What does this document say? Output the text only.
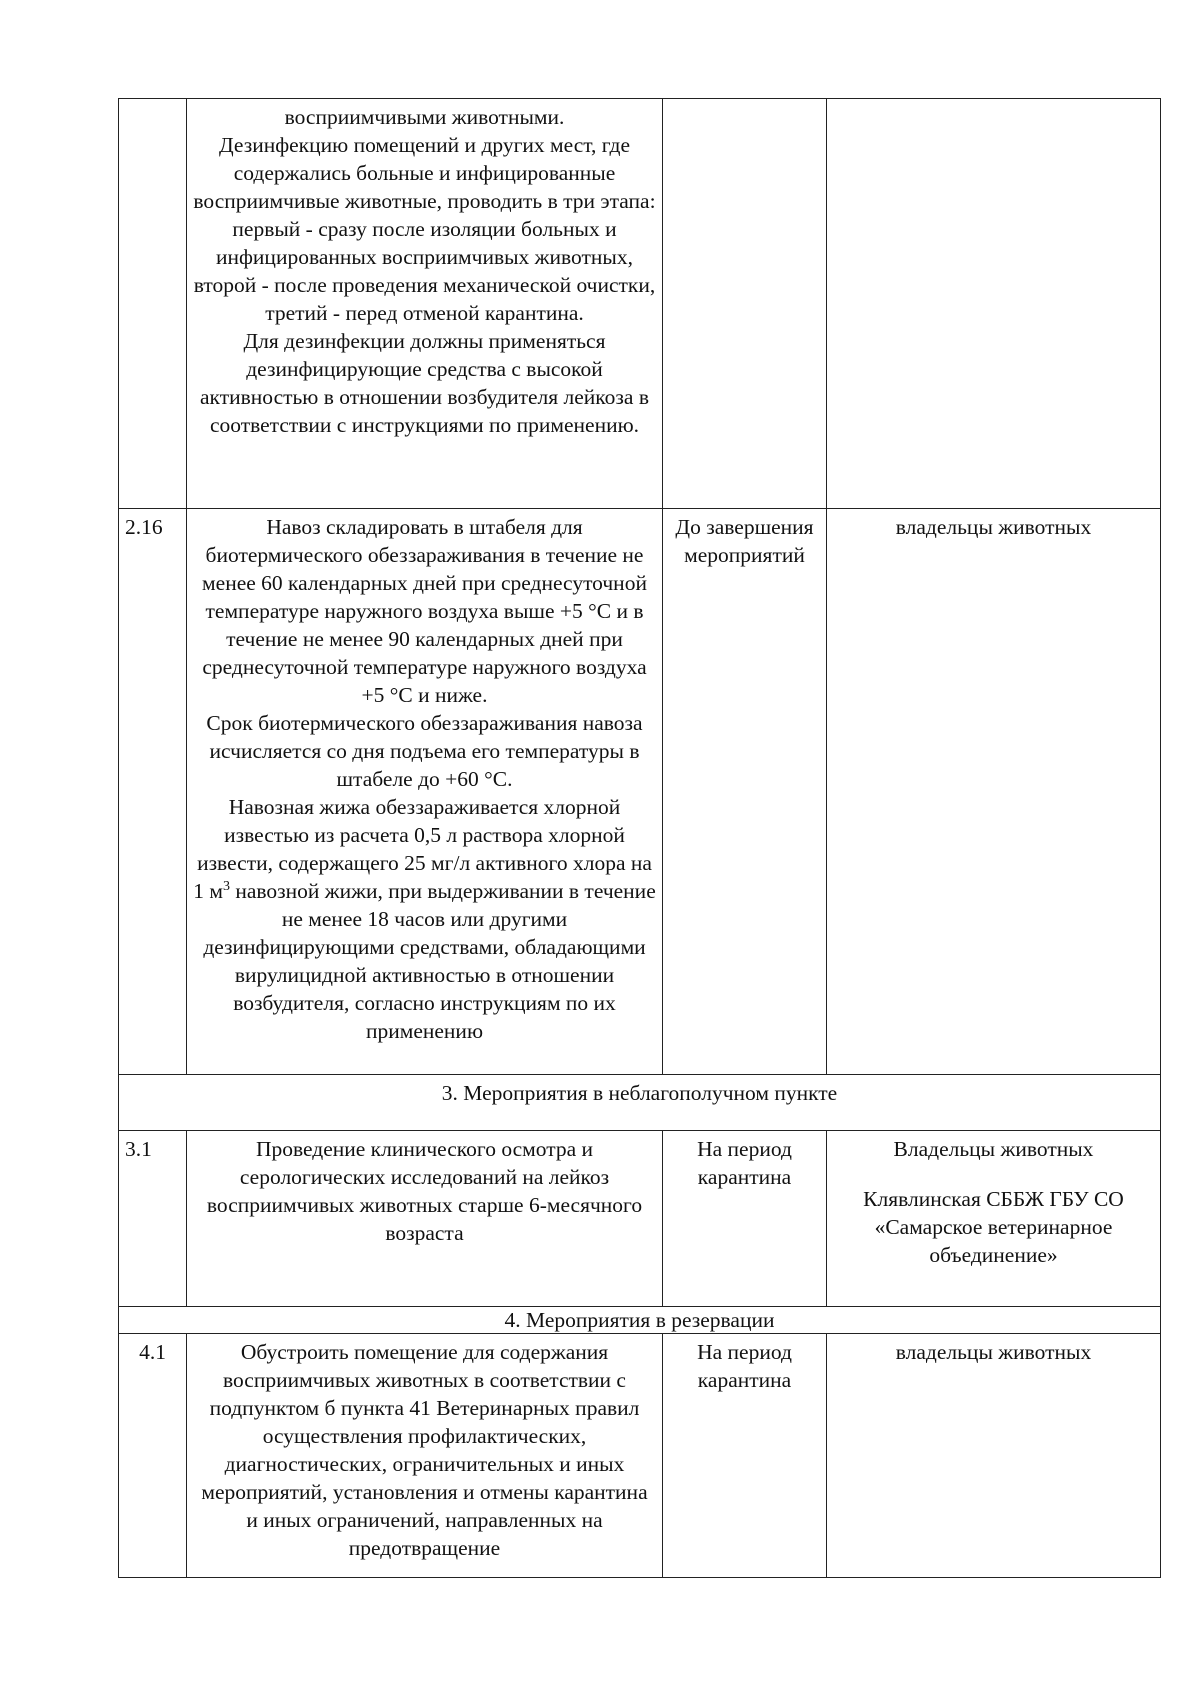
	восприимчивыми животными.
Дезинфекцию помещений и других мест, где содержались больные и инфицированные восприимчивые животные, проводить в три этапа: первый - сразу после изоляции больных и инфицированных восприимчивых животных, второй - после проведения механической очистки, третий - перед отменой карантина.
Для дезинфекции должны применяться дезинфицирующие средства с высокой активностью в отношении возбудителя лейкоза в соответствии с инструкциями по применению.		

2.16	Навоз складировать в штабеля для биотермического обеззараживания в течение не менее 60 календарных дней при среднесуточной температуре наружного воздуха выше +5 °С и в течение не менее 90 календарных дней при среднесуточной температуре наружного воздуха +5 °С и ниже.
Срок биотермического обеззараживания навоза исчисляется со дня подъема его температуры в штабеле до +60 °С.
Навозная жижа обеззараживается хлорной известью из расчета 0,5 л раствора хлорной извести, содержащего 25 мг/л активного хлора на 1 $м^3$ навозной жижи, при выдерживании в течение не менее 18 часов или другими дезинфицирующими средствами, обладающими вирулицидной активностью в отношении возбудителя, согласно инструкциям по их применению	До завершения мероприятий	владельцы животных
3. Мероприятия в неблагополучном пункте			
3.1	Проведение клинического осмотра и серологических исследований на лейкоз восприимчивых животных старше 6-месячного возраста	На период карантина	Владельцы животных
Клявлинская СББЖ ГБУ СО «Самарское ветеринарное объединение»

4. Мероприятия в резервации			
4.1	Обустроить помещение для содержания восприимчивых животных в соответствии с подпунктом б пункта 41 Ветеринарных правил осуществления профилактических, диагностических, ограничительных и иных мероприятий, установления и отмены карантина и иных ограничений, направленных на предотвращение	На период карантина	владельцы животных
